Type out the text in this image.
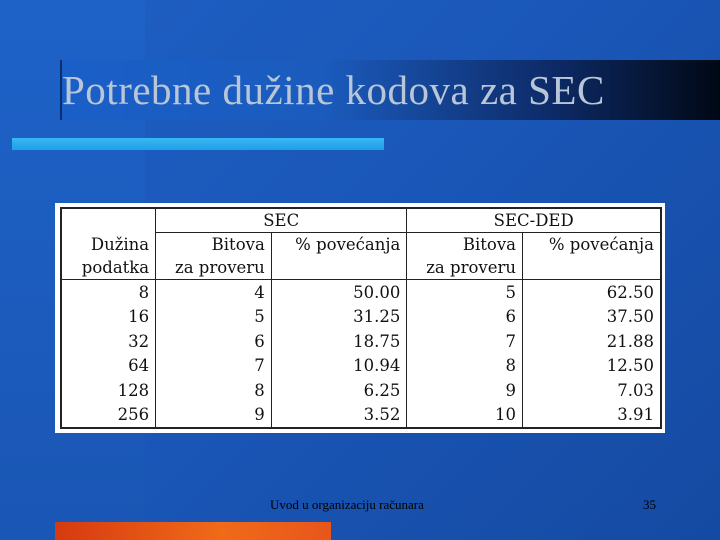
Potrebne dužine kodova za SEC
	SEC		SEC-DED	
Dužina	Bitova	% povećanja	Bitova	% povećanja
podatka	za proveru		za proveru	
8	4	50.00	5	62.50
16	5	31.25	6	37.50
32	6	18.75	7	21.88
64	7	10.94	8	12.50
128	8	6.25	9	7.03
256	9	3.52	10	3.91
Uvod u organizaciju računara	35
